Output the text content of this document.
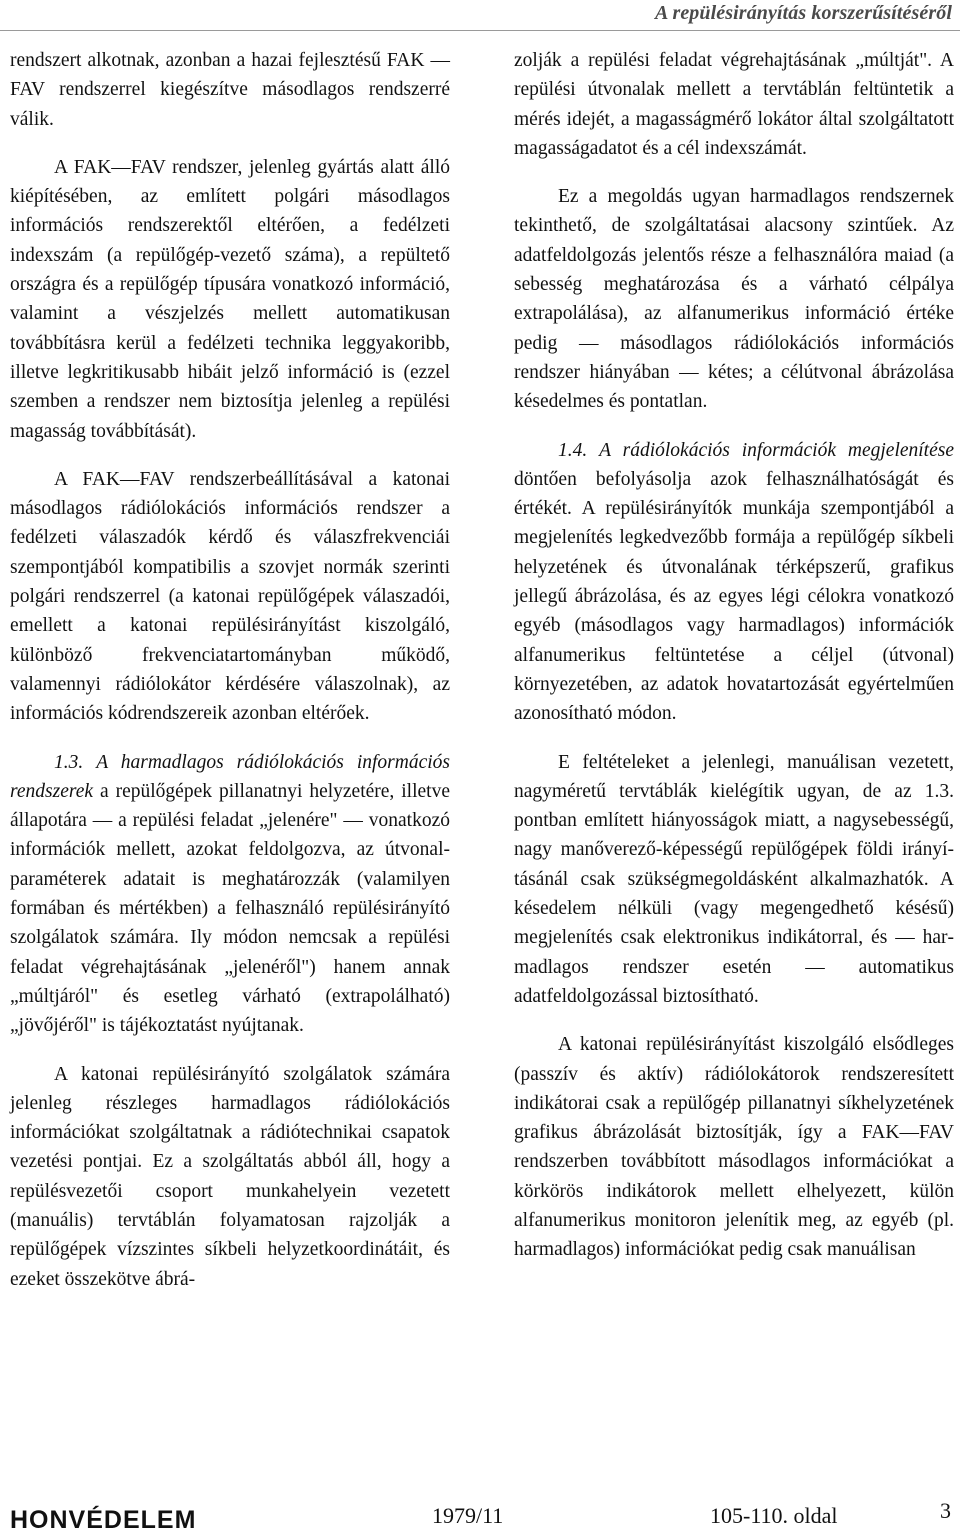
A repülésirányítás korszerűsítéséről

rendszert alkotnak, azonban a hazai fejlesztésű FAK — FAV rendszerrel kiegészítve másodlagos rendszerré válik.

A FAK—FAV rendszer, jelenleg gyártás alatt álló kiépítésében, az említett polgári másodlagos információs rendszerektől eltérően, a fedélzeti indexszám (a repülőgép-vezető száma), a repültető országra és a repülőgép típusára vonatkozó információ, valamint a vészjelzés mellett automatikusan továbbításra kerül a fedélzeti technika leggyakoribb, illetve legkritikusabb hibáit jelző információ is (ezzel szemben a rendszer nem biztosítja jelenleg a repülési magasság továbbítását).

A FAK—FAV rendszerbeállításával a katonai másodlagos rádiólokációs információs rendszer a fedélzeti válaszadók kérdő és válaszfrekvenciái szempontjából kompatibilis a szovjet normák szerinti polgári rendszerrel (a katonai repülőgépek válaszadói, emellett a katonai repülésirányítást kiszolgáló, különböző frekvenciatartományban működő, valamennyi rádiólokátor kérdésére válaszolnak), az információs kódrendszereik azonban eltérőek.

1.3. A harmadlagos rádiólokációs információs rendszerek a repülőgépek pillanatnyi helyzetére, illetve állapotára — a repülési feladat „jelenére" — vonatkozó információk mellett, azokat feldolgozva, az útvonal-paraméterek adatait is meghatározzák (valamilyen formában és mértékben) a felhasználó repülésirányító szolgálatok számára. Ily módon nemcsak a repülési feladat végrehajtásának „jelenéről") hanem annak „múltjáról" és esetleg várható (extrapolálható) „jövőjéről" is tájékoztatást nyújtanak.

A katonai repülésirányító szolgálatok számára jelenleg részleges harmadlagos rádiólokációs információkat szolgáltatnak a rádiótechnikai csapatok vezetési pontjai. Ez a szolgáltatás abból áll, hogy a repülésvezetői csoport munkahelyein vezetett (manuális) tervtáblán folyamatosan rajzolják a repülőgépek vízszintes síkbeli helyzetkoordinátáit, és ezeket összekötve ábrá-

zolják a repülési feladat végrehajtásának „múltját". A repülési útvonalak mellett a tervtáblán feltüntetik a mérés idejét, a magasságmérő lokátor által szolgáltatott magasságadatot és a cél indexszámát.

Ez a megoldás ugyan harmadlagos rendszernek tekinthető, de szolgáltatásai alacsony szintűek. Az adatfeldolgozás jelentős része a felhasználóra maiad (a sebesség meghatározása és a várható célpálya extrapolálása), az alfanumerikus információ értéke pedig — másodlagos rádiólokációs információs rendszer hiányában — kétes; a célútvonal ábrázolása késedelmes és pontatlan.

1.4. A rádiólokációs információk megjelenítése döntően befolyásolja azok felhasználhatóságát és értékét. A repülésirányítók munkája szempontjából a megjelenítés legkedvezőbb formája a repülőgép síkbeli helyzetének és útvonalának térképszerű, grafikus jellegű ábrázolása, és az egyes légi célokra vonatkozó egyéb (másodlagos vagy harmadlagos) információk alfanumerikus feltüntetése a céljel (útvonal) környezetében, az adatok hovatartozását egyértelműen azonosítható módon.

E feltételeket a jelenlegi, manuálisan vezetett, nagyméretű tervtáblák kielégítik ugyan, de az 1.3. pontban említett hiányosságok miatt, a nagysebességű, nagy manőverező-képességű repülőgépek földi irányításánál csak szükségmegoldásként alkalmazhatók. A késedelem nélküli (vagy megengedhető késésű) megjelenítés csak elektronikus indikátorral, és — harmadlagos rendszer esetén — automatikus adatfeldolgozással biztosítható.

A katonai repülésirányítást kiszolgáló elsődleges (passzív és aktív) rádiólokátorok rendszeresített indikátorai csak a repülőgép pillanatnyi síkhelyzetének grafikus ábrázolását biztosítják, így a FAK—FAV rendszerben továbbított másodlagos információkat a körkörös indikátorok mellett elhelyezett, külön alfanumerikus monitoron jelenítik meg, az egyéb (pl. harmadlagos) információkat pedig csak manuálisan

HONVÉDELEM	1979/11	105-110. oldal	3
